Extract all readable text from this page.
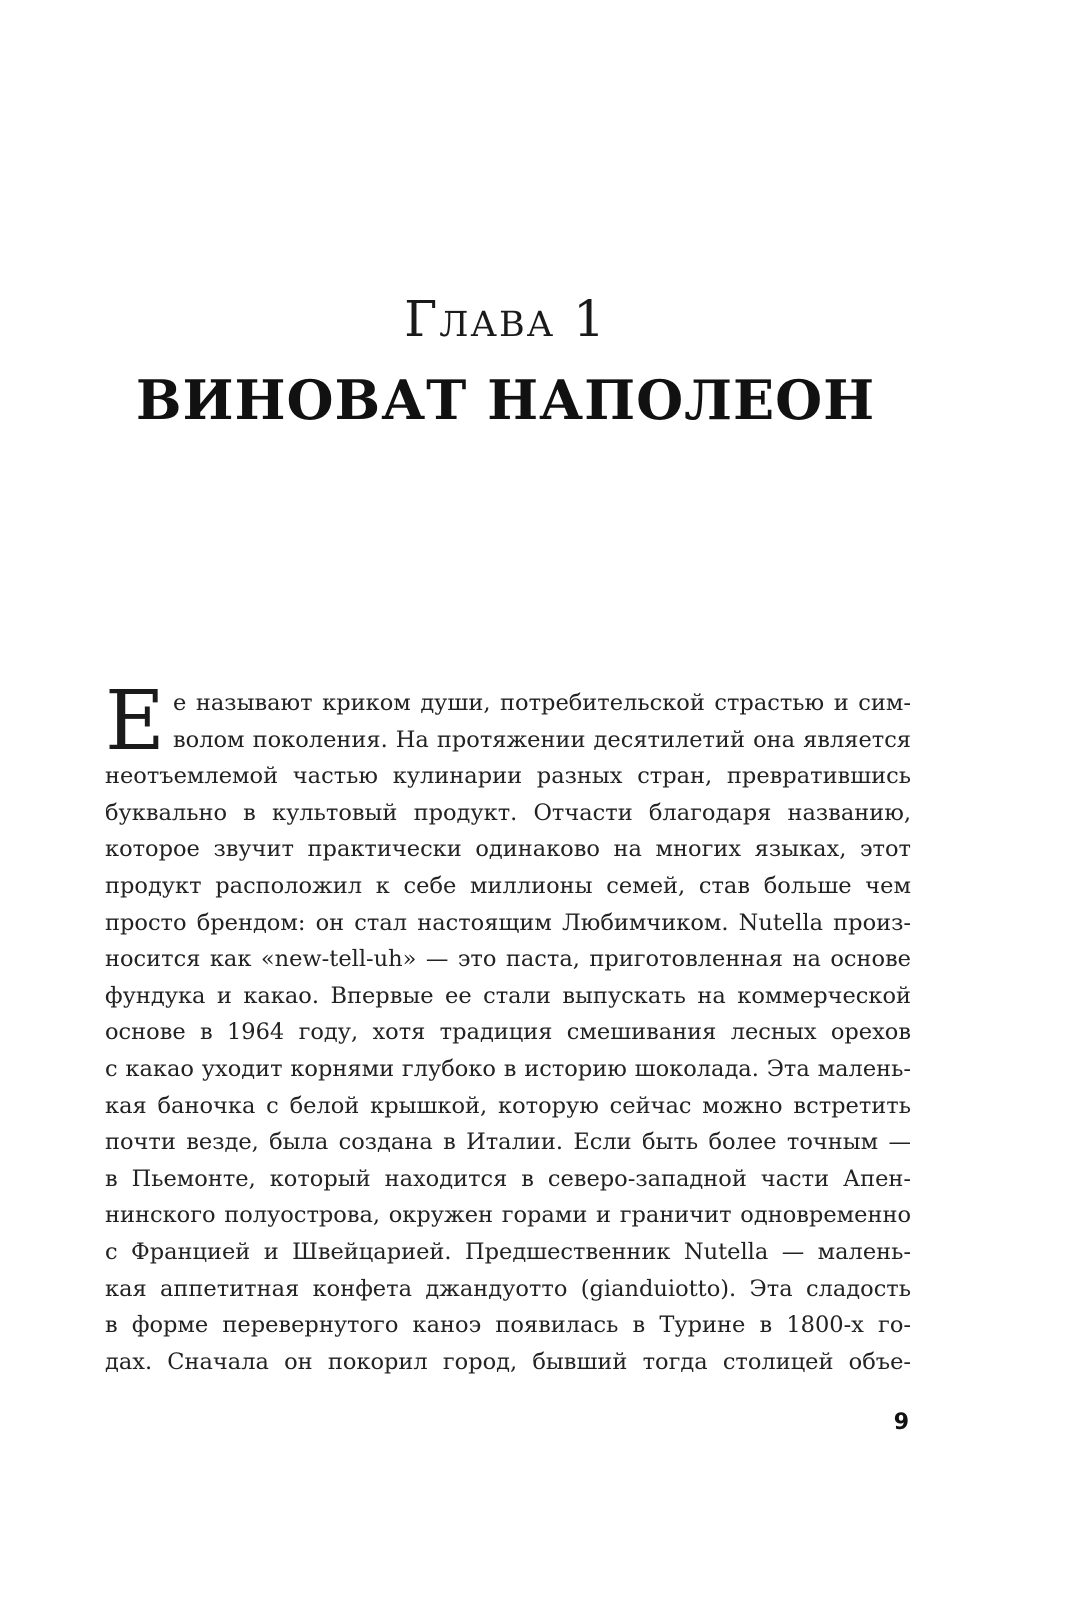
Глава 1
ВИНОВАТ НАПОЛЕОН
Е е называют криком души, потребительской страстью и сим-
волом поколения. На протяжении десятилетий она является
неотъемлемой частью кулинарии разных стран, превратившись
буквально в культовый продукт. Отчасти благодаря названию,
которое звучит практически одинаково на многих языках, этот
продукт расположил к себе миллионы семей, став больше чем
просто брендом: он стал настоящим Любимчиком. Nutella произ-
носится как «new-tell-uh» — это паста, приготовленная на основе
фундука и какао. Впервые ее стали выпускать на коммерческой
основе в 1964 году, хотя традиция смешивания лесных орехов
с какао уходит корнями глубоко в историю шоколада. Эта малень-
кая баночка с белой крышкой, которую сейчас можно встретить
почти везде, была создана в Италии. Если быть более точным —
в Пьемонте, который находится в северо-западной части Апен-
нинского полуострова, окружен горами и граничит одновременно
с Францией и Швейцарией. Предшественник Nutella — малень-
кая аппетитная конфета джандуотто (gianduiotto). Эта сладость
в форме перевернутого каноэ появилась в Турине в 1800-х го-
дах. Сначала он покорил город, бывший тогда столицей объе-
9
